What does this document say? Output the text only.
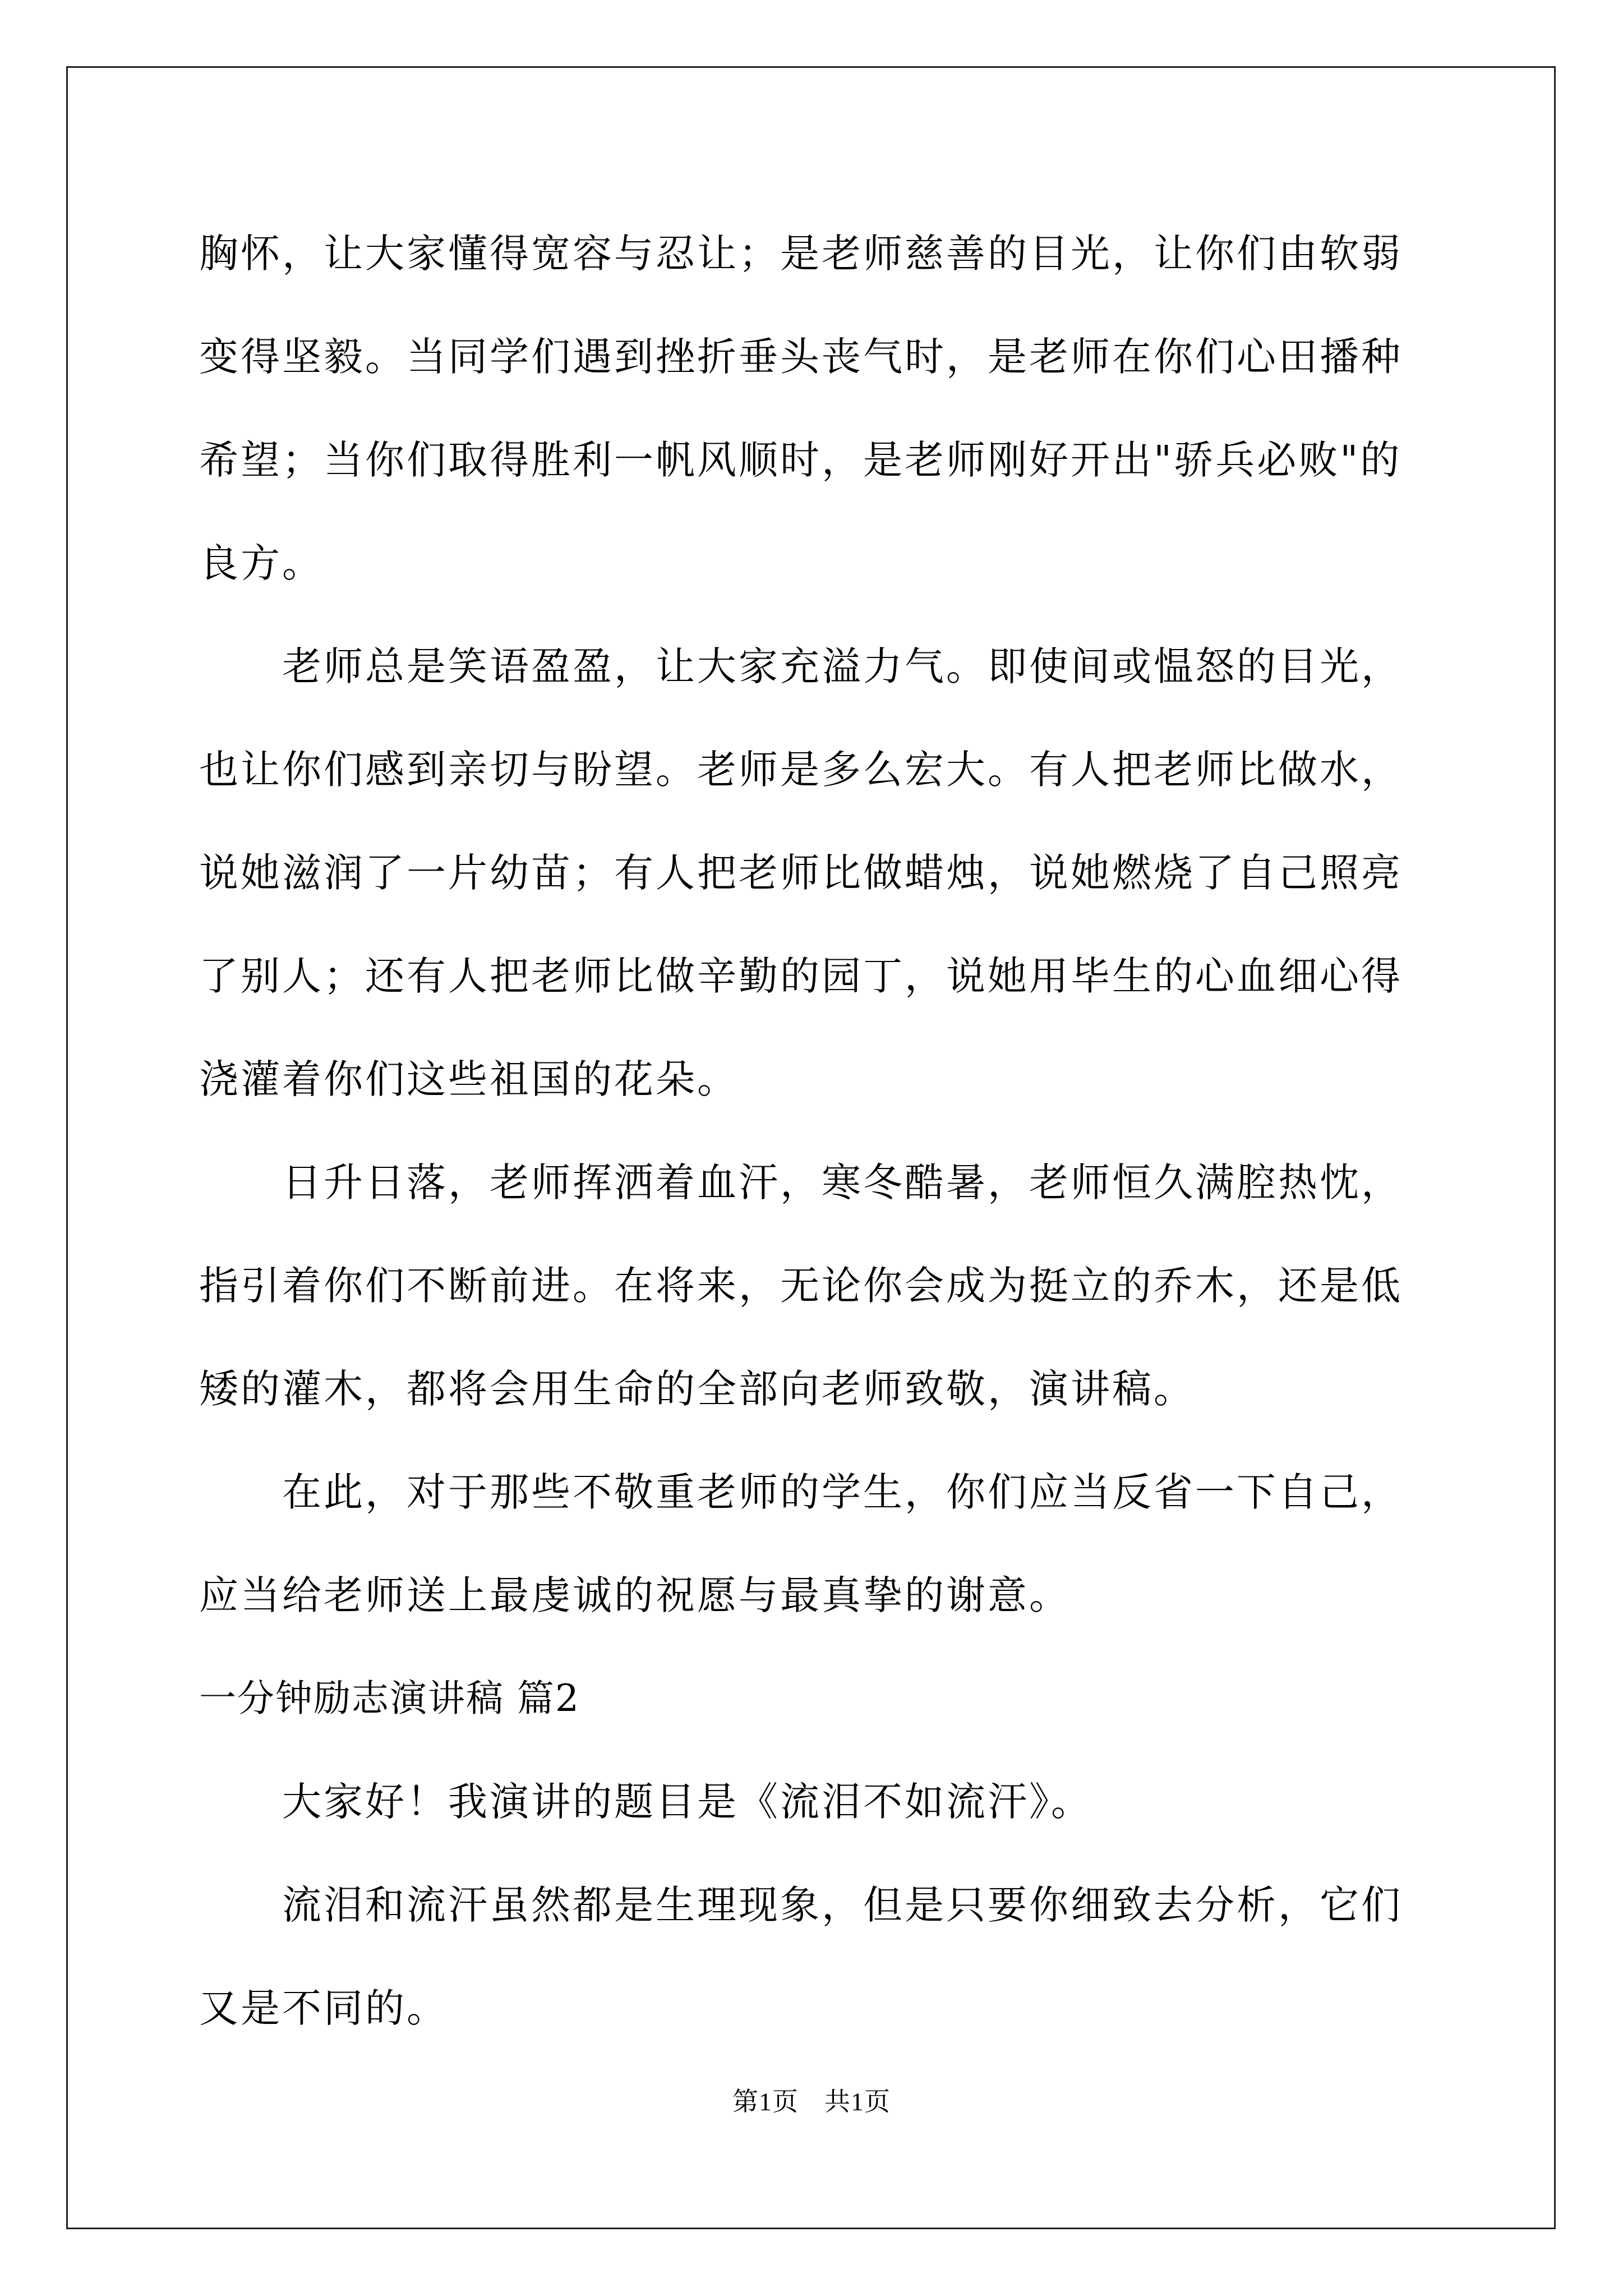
胸怀，让大家懂得宽容与忍让；是老师慈善的目光，让你们由软弱变得坚毅。当同学们遇到挫折垂头丧气时，是老师在你们心田播种希望；当你们取得胜利一帆风顺时，是老师刚好开出"骄兵必败"的良方。

老师总是笑语盈盈，让大家充溢力气。即使间或愠怒的目光，也让你们感到亲切与盼望。老师是多么宏大。有人把老师比做水，说她滋润了一片幼苗；有人把老师比做蜡烛，说她燃烧了自己照亮了别人；还有人把老师比做辛勤的园丁，说她用毕生的心血细心得浇灌着你们这些祖国的花朵。

日升日落，老师挥洒着血汗，寒冬酷暑，老师恒久满腔热忱，指引着你们不断前进。在将来，无论你会成为挺立的乔木，还是低矮的灌木，都将会用生命的全部向老师致敬，演讲稿。

在此，对于那些不敬重老师的学生，你们应当反省一下自己，应当给老师送上最虔诚的祝愿与最真挚的谢意。

一分钟励志演讲稿 篇2

大家好！我演讲的题目是《流泪不如流汗》。

流泪和流汗虽然都是生理现象，但是只要你细致去分析，它们又是不同的。

第1页 共1页
